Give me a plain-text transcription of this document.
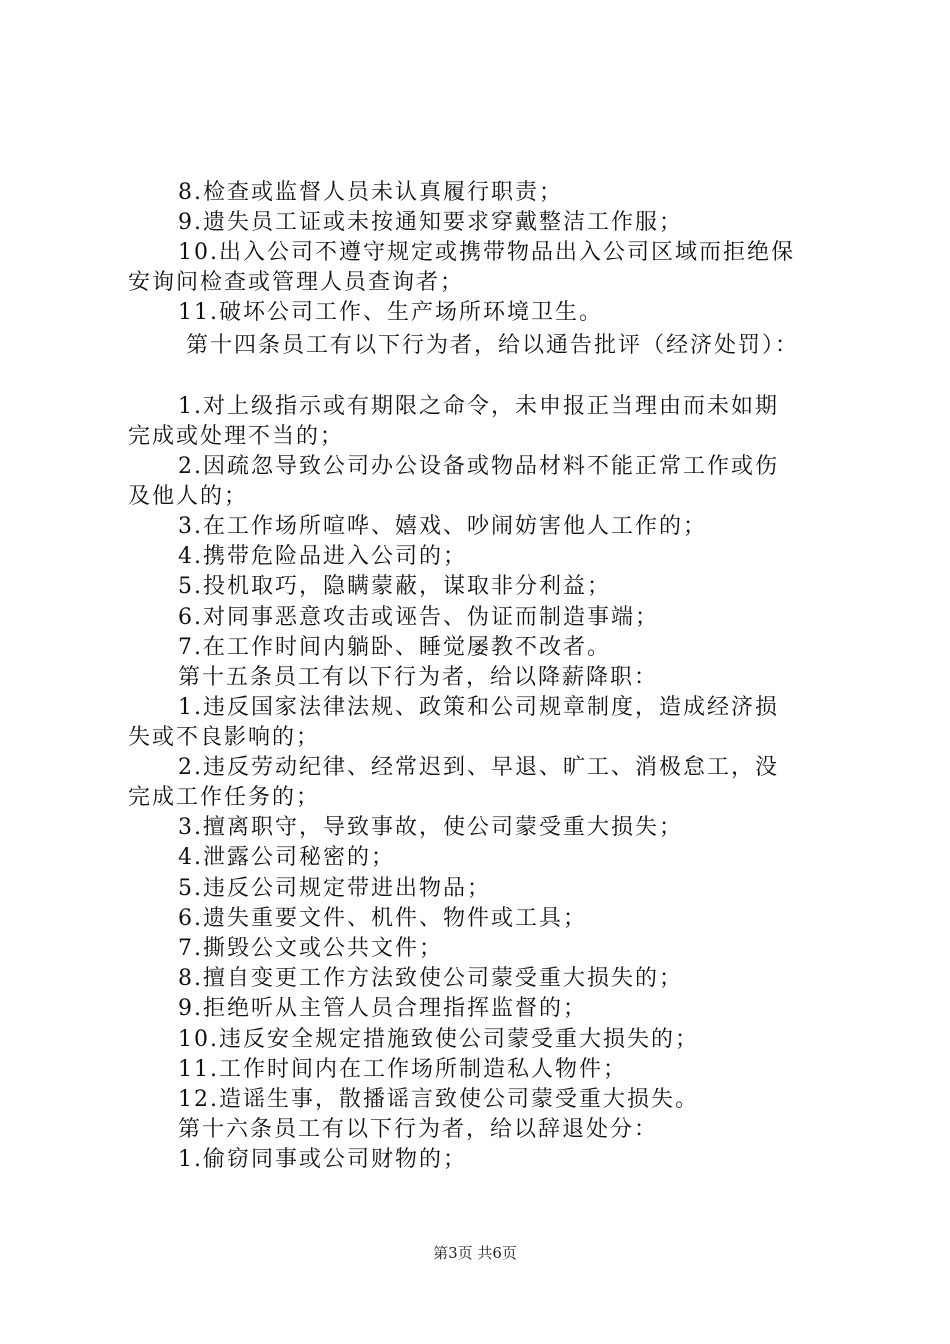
8.检查或监督人员未认真履行职责；
9.遗失员工证或未按通知要求穿戴整洁工作服；
10.出入公司不遵守规定或携带物品出入公司区域而拒绝保
安询问检查或管理人员查询者；
11.破坏公司工作、生产场所环境卫生。
第十四条员工有以下行为者，给以通告批评（经济处罚）：
1.对上级指示或有期限之命令，未申报正当理由而未如期
完成或处理不当的；
2.因疏忽导致公司办公设备或物品材料不能正常工作或伤
及他人的；
3.在工作场所喧哗、嬉戏、吵闹妨害他人工作的；
4.携带危险品进入公司的；
5.投机取巧，隐瞒蒙蔽，谋取非分利益；
6.对同事恶意攻击或诬告、伪证而制造事端；
7.在工作时间内躺卧、睡觉屡教不改者。
第十五条员工有以下行为者，给以降薪降职：
1.违反国家法律法规、政策和公司规章制度，造成经济损
失或不良影响的；
2.违反劳动纪律、经常迟到、早退、旷工、消极怠工，没
完成工作任务的；
3.擅离职守，导致事故，使公司蒙受重大损失；
4.泄露公司秘密的；
5.违反公司规定带进出物品；
6.遗失重要文件、机件、物件或工具；
7.撕毁公文或公共文件；
8.擅自变更工作方法致使公司蒙受重大损失的；
9.拒绝听从主管人员合理指挥监督的；
10.违反安全规定措施致使公司蒙受重大损失的；
11.工作时间内在工作场所制造私人物件；
12.造谣生事，散播谣言致使公司蒙受重大损失。
第十六条员工有以下行为者，给以辞退处分：
1.偷窃同事或公司财物的；
第3页 共6页
